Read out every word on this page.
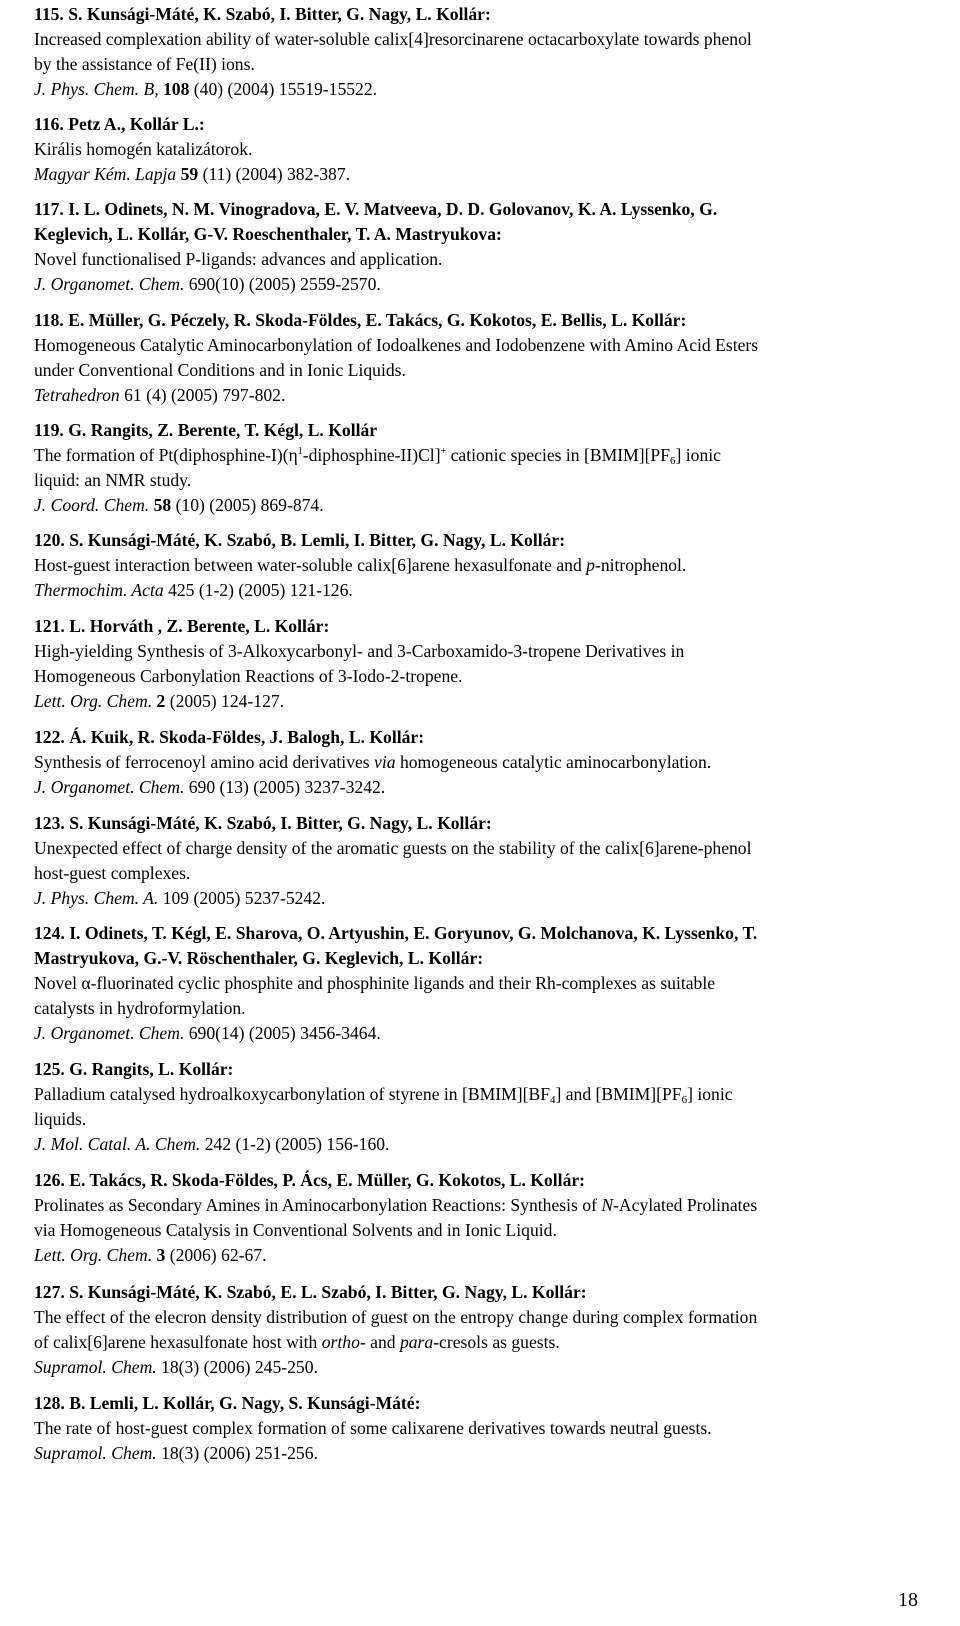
115. S. Kunsági-Máté, K. Szabó, I. Bitter, G. Nagy, L. Kollár:
Increased complexation ability of water-soluble calix[4]resorcinarene octacarboxylate towards phenol
by the assistance of Fe(II) ions.
J. Phys. Chem. B, 108 (40) (2004) 15519-15522.
116. Petz A., Kollár L.:
Királis homogén katalizátorok.
Magyar Kém. Lapja 59 (11) (2004) 382-387.
117. I. L. Odinets, N. M. Vinogradova, E. V. Matveeva, D. D. Golovanov, K. A. Lyssenko, G.
Keglevich, L. Kollár, G-V. Roeschenthaler, T. A. Mastryukova:
Novel functionalised P-ligands: advances and application.
J. Organomet. Chem. 690(10) (2005) 2559-2570.
118. E. Müller, G. Péczely, R. Skoda-Földes, E. Takács, G. Kokotos, E. Bellis, L. Kollár:
Homogeneous Catalytic Aminocarbonylation of Iodoalkenes and Iodobenzene with Amino Acid Esters
under Conventional Conditions and in Ionic Liquids.
Tetrahedron 61 (4) (2005) 797-802.
119. G. Rangits, Z. Berente, T. Kégl, L. Kollár
The formation of $Pt(diphosphine-I)(\eta^1-diphosphine-II)Cl]^+$ cationic species in $[BMIM][PF_6]$ ionic
liquid: an NMR study.
J. Coord. Chem. 58 (10) (2005) 869-874.
120. S. Kunsági-Máté, K. Szabó, B. Lemli, I. Bitter, G. Nagy, L. Kollár:
Host-guest interaction between water-soluble calix[6]arene hexasulfonate and p-nitrophenol.
Thermochim. Acta 425 (1-2) (2005) 121-126.
121. L. Horváth , Z. Berente, L. Kollár:
High-yielding Synthesis of 3-Alkoxycarbonyl- and 3-Carboxamido-3-tropene Derivatives in
Homogeneous Carbonylation Reactions of 3-Iodo-2-tropene.
Lett. Org. Chem. 2 (2005) 124-127.
122. Á. Kuik, R. Skoda-Földes, J. Balogh, L. Kollár:
Synthesis of ferrocenoyl amino acid derivatives via homogeneous catalytic aminocarbonylation.
J. Organomet. Chem. 690 (13) (2005) 3237-3242.
123. S. Kunsági-Máté, K. Szabó, I. Bitter, G. Nagy, L. Kollár:
Unexpected effect of charge density of the aromatic guests on the stability of the calix[6]arene-phenol
host-guest complexes.
J. Phys. Chem. A. 109 (2005) 5237-5242.
124. I. Odinets, T. Kégl, E. Sharova, O. Artyushin, E. Goryunov, G. Molchanova, K. Lyssenko, T.
Mastryukova, G.-V. Röschenthaler, G. Keglevich, L. Kollár:
Novel α-fluorinated cyclic phosphite and phosphinite ligands and their Rh-complexes as suitable
catalysts in hydroformylation.
J. Organomet. Chem. 690(14) (2005) 3456-3464.
125. G. Rangits, L. Kollár:
Palladium catalysed hydroalkoxycarbonylation of styrene in $[BMIM][BF_4]$ and $[BMIM][PF_6]$ ionic
liquids.
J. Mol. Catal. A. Chem. 242 (1-2) (2005) 156-160.
126. E. Takács, R. Skoda-Földes, P. Ács, E. Müller, G. Kokotos, L. Kollár:
Prolinates as Secondary Amines in Aminocarbonylation Reactions: Synthesis of N-Acylated Prolinates
via Homogeneous Catalysis in Conventional Solvents and in Ionic Liquid.
Lett. Org. Chem. 3 (2006) 62-67.
127. S. Kunsági-Máté, K. Szabó, E. L. Szabó, I. Bitter, G. Nagy, L. Kollár:
The effect of the elecron density distribution of guest on the entropy change during complex formation
of calix[6]arene hexasulfonate host with ortho- and para-cresols as guests.
Supramol. Chem. 18(3) (2006) 245-250.
128. B. Lemli, L. Kollár, G. Nagy, S. Kunsági-Máté:
The rate of host-guest complex formation of some calixarene derivatives towards neutral guests.
Supramol. Chem. 18(3) (2006) 251-256.
18
